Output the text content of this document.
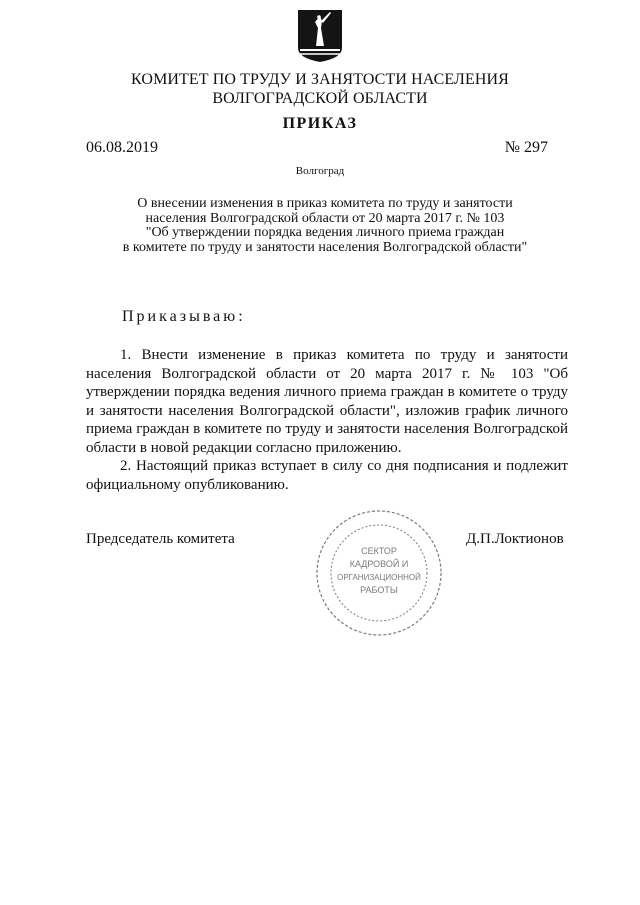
КОМИТЕТ ПО ТРУДУ И ЗАНЯТОСТИ НАСЕЛЕНИЯ
ВОЛГОГРАДСКОЙ ОБЛАСТИ
ПРИКАЗ
06.08.2019	№ 297
Волгоград
О внесении изменения в приказ комитета по труду и занятости
населения Волгоградской области от 20 марта 2017 г. № 103
"Об утверждении порядка ведения личного приема граждан
в комитете по труду и занятости населения Волгоградской области"
Приказываю:

1. Внести изменение в приказ комитета по труду и занятости населения Волгоградской области от 20 марта 2017 г. № 103 "Об утверждении порядка ведения личного приема граждан в комитете о труду и занятости населения Волгоградской области", изложив график личного приема граждан в комитете по труду и занятости населения Волгоградской области в новой редакции согласно приложению.

2. Настоящий приказ вступает в силу со дня подписания и подлежит официальному опубликованию.

Председатель комитета	Д.П.Локтионов
СЕКТОР
КАДРОВОЙ И
ОРГАНИЗАЦИОННОЙ
РАБОТЫ
